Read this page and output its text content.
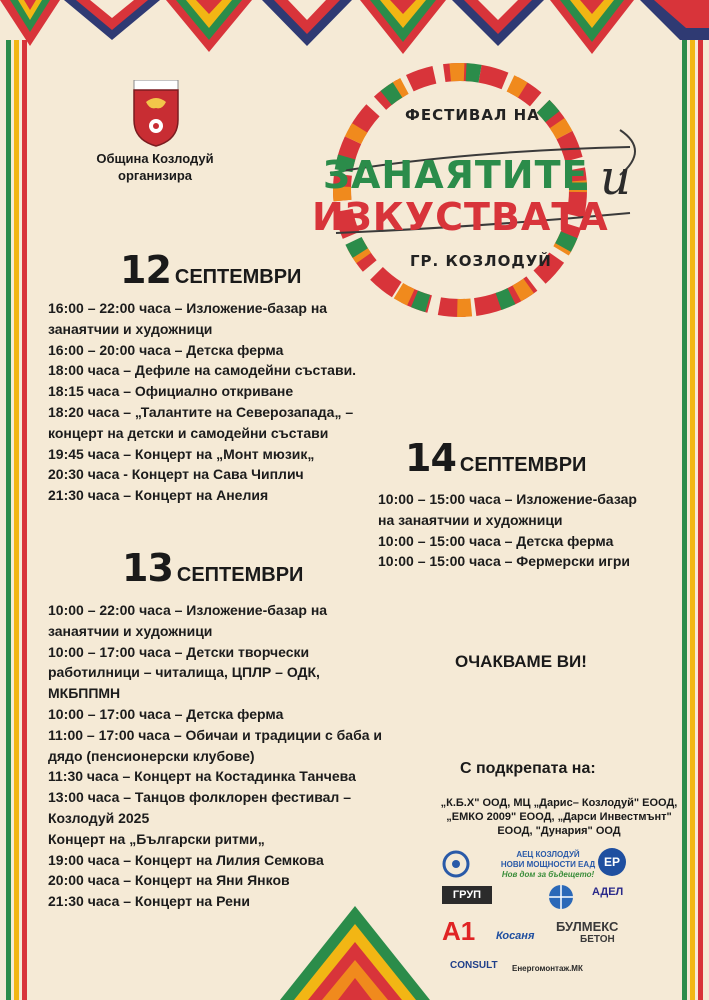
Община Козлодуй
организира
ФЕСТИВАЛ НА
ЗАНАЯТИТЕ и
ИЗКУСТВАТА
ГР. КОЗЛОДУЙ
12 СЕПТЕМВРИ
16:00 – 22:00 часа – Изложение-базар на
занаятчии и художници
16:00 – 20:00 часа – Детска ферма
18:00 часа – Дефиле на самодейни състави.
18:15 часа – Официално откриване
18:20 часа – „Талантите на Северозапада„ –
концерт на детски и самодейни състави
19:45 часа – Концерт на „Монт мюзик„
20:30 часа - Концерт на Сава Чиплич
21:30 часа – Концерт на Анелия
14 СЕПТЕМВРИ
10:00 – 15:00 часа – Изложение-базар
на занаятчии и художници
10:00 – 15:00 часа – Детска ферма
10:00 – 15:00 часа – Фермерски игри
13 СЕПТЕМВРИ
10:00 – 22:00 часа – Изложение-базар на
занаятчии и художници
10:00 – 17:00 часа – Детски творчески
работилници – читалища, ЦПЛР – ОДК,
МКБППМН
10:00 – 17:00 часа – Детска ферма
11:00 – 17:00 часа – Обичаи и традиции с баба и
дядо (пенсионерски клубове)
11:30 часа – Концерт на Костадинка Танчева
13:00 часа – Танцов фолклорен фестивал –
Козлодуй 2025
Концерт на „Български ритми„
19:00 часа – Концерт на Лилия Семкова
20:00 часа – Концерт на Яни Янков
21:30 часа – Концерт на Рени
ОЧАКВАМЕ ВИ!
С подкрепата на:
„К.Б.Х" ООД, МЦ „Дарис– Козлодуй" ЕООД,
„ЕМКО 2009" ЕООД, „Дарси Инвестмънт"
ЕООД, "Дунария" ООД
АЕЦ КОЗЛОДУЙ
НОВИ МОЩНОСТИ ЕАД
Нов дом за бъдещето!
EP
ГРУП	АДЕЛ
А1 Косаня
БУЛМЕКС
БЕТОН
CONSULT Енергомонтаж.МК
